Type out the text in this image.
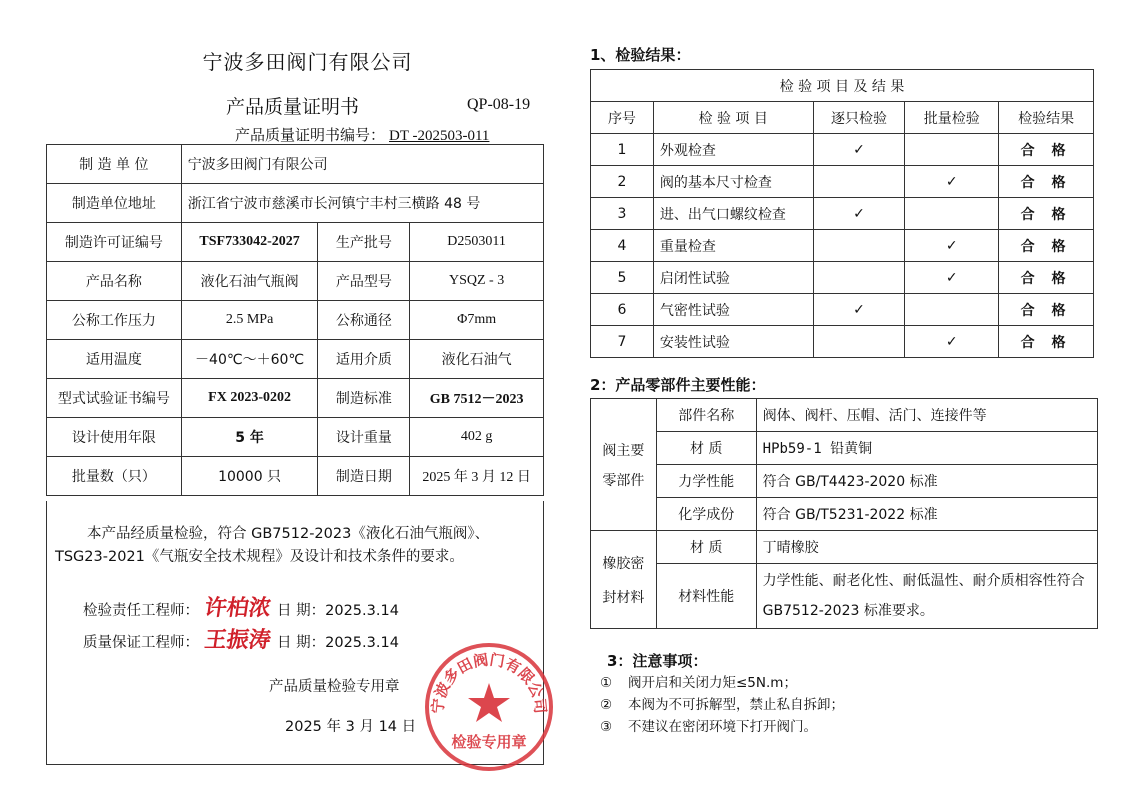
宁波多田阀门有限公司
产品质量证明书	QP-08-19
产品质量证明书编号： DT -202503-011
制 造 单 位	宁波多田阀门有限公司		
制造单位地址	浙江省宁波市慈溪市长河镇宁丰村三横路 48 号		
制造许可证编号	TSF733042-2027	生产批号	D2503011
产品名称	液化石油气瓶阀	产品型号	YSQZ - 3
公称工作压力	2.5 MPa	公称通径	Φ7mm
适用温度	－40℃～＋60℃	适用介质	液化石油气
型式试验证书编号	FX 2023-0202	制造标准	GB 7512－2023
设计使用年限	5 年	设计重量	402 g
批量数（只）	10000 只	制造日期	2025 年 3 月 12 日
本产品经质量检验，符合 GB7512-2023《液化石油气瓶阀》、TSG23-2021《气瓶安全技术规程》及设计和技术条件的要求。
检验责任工程师： 许柏浓 日 期：2025.3.14
质量保证工程师： 王振涛 日 期：2025.3.14
产品质量检验专用章
2025 年 3 月 14 日
宁波多田阀门有限公司
检验专用章
1、检验结果：
检 验 项 目 及 结 果				
序号	检 验 项 目	逐只检验	批量检验	检验结果
1	外观检查	✓		合 格
2	阀的基本尺寸检查		✓	合 格
3	进、出气口螺纹检查	✓		合 格
4	重量检查		✓	合 格
5	启闭性试验		✓	合 格
6	气密性试验	✓		合 格
7	安装性试验		✓	合 格
2：产品零部件主要性能：
阀主要
零部件	部件名称	阀体、阀杆、压帽、活门、连接件等
	材 质	HPb59-1 铅黄铜
	力学性能	符合 GB/T4423-2020 标准
	化学成份	符合 GB/T5231-2022 标准

橡胶密
封材料	材 质	丁晴橡胶
	材料性能	力学性能、耐老化性、耐低温性、耐介质相容性符合
GB7512-2023 标准要求。
3：注意事项：
① 阀开启和关闭力矩≤5N.m；
② 本阀为不可拆解型，禁止私自拆卸；
③ 不建议在密闭环境下打开阀门。
